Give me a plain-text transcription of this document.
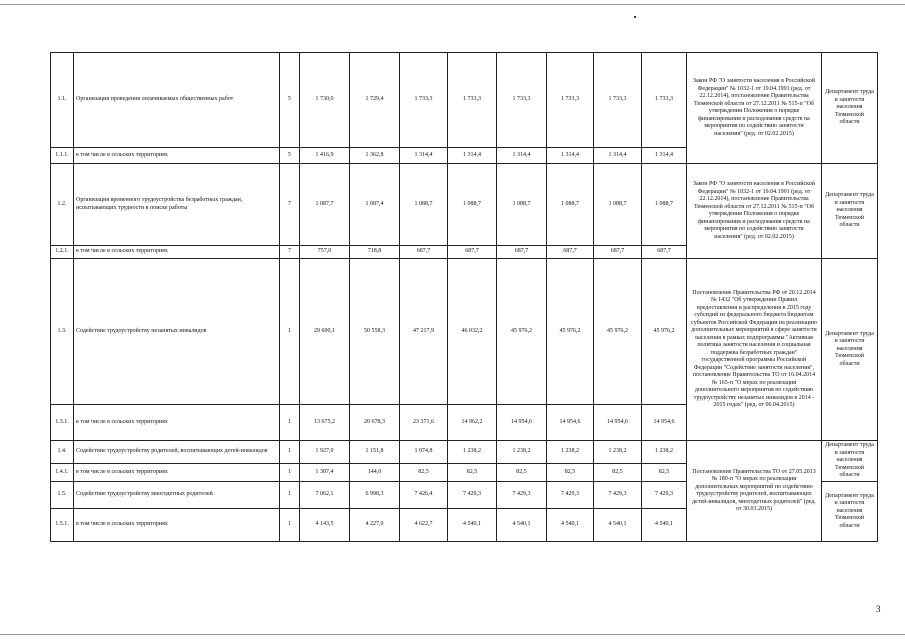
1.1.	Организация проведения оплачиваемых общественных работ	5	1 730,0	1 729,4	1 733,3	1 733,3	1 733,3	1 733,3	1 733,3	1 733,3	Закон РФ "О занятости населения в Российской Федерации" № 1032-1 от 19.04.1991 (ред. от 22.12.2014), постановление Правительства Тюменской области от 27.12.2011 № 515-п "Об утверждении Положения о порядке финансирования и расходования средств на мероприятия по содействию занятости населения" (ред. от 02.02.2015)	Департамент труда и занятости населения Тюменской области
1.1.1.	в том числе в сельских территориях	5	1 416,9	1 362,8	1 314,4	1 314,4	1 314,4	1 314,4	1 314,4	1 314,4		
1.2.	Организация временного трудоустройства безработных граждан, испытывающих трудности в поиске работы	7	1 087,7	1 087,4	1 088,7	1 088,7	1 088,7	1 088,7	1 088,7	1 088,7	Закон РФ "О занятости населения в Российской Федерации" № 1032-1 от 19.04.1991 (ред. от 22.12.2014), постановление Правительства Тюменской области от 27.12.2011 № 515-п "Об утверждении Положения о порядке финансирования и расходования средств на мероприятия по содействию занятости населения" (ред. от 02.02.2015)	Департамент труда и занятости населения Тюменской области
1.2.1.	в том числе в сельских территориях	7	757,0	718,8	687,7	687,7	687,7	687,7	687,7	687,7		
1.3.	Содействие трудоустройству незанятых инвалидов	1	29 600,1	50 558,3	47 217,9	46 032,2	45 976,2	45 976,2	45 976,2	45 976,2	Постановление Правительства РФ от 20.12.2014 № 1432 "Об утверждении Правил предоставления и распределения в 2015 году субсидий из федерального бюджета бюджетам субъектов Российской Федерации на реализацию дополнительных мероприятий в сфере занятости населения в рамках подпрограммы "Активная политика занятости населения и социальная поддержка безработных граждан" государственной программы Российской Федерации "Содействие занятости населения", постановление Правительства ТО от 16.04.2014 № 165-п "О мерах по реализации дополнительного мероприятия по содействию трудоустройству незанятых инвалидов в 2014 - 2015 годах" (ред. от 06.04.2015)	Департамент труда и занятости населения Тюменской области
1.3.1.	в том числе в сельских территориях	1	13 675,2	20 678,3	23 371,6	14 962,2	14 954,6	14 954,6	14 954,6	14 954,6		
1.4.	Содействие трудоустройству родителей, воспитывающих детей-инвалидов	1	1 927,0	1 151,8	1 074,8	1 238,2	1 238,2	1 238,2	1 238,2	1 238,2	Постановление Правительства ТО от 27.05.2013 № 180-п "О мерах по реализации дополнительных мероприятий по содействию трудоустройству родителей, воспитывающих детей-инвалидов, многодетных родителей" (ред. от 30.03.2015)	Департамент труда и занятости населения Тюменской области
1.4.1.	в том числе в сельских территориях	1	1 387,4	144,0	82,5	82,5	82,5	82,5	82,5	82,5		
1.5.	Содействие трудоустройству многодетных родителей	1	7 062,1	6 998,3	7 426,4	7 429,3	7 429,3	7 429,3	7 429,3	7 429,3		Департамент труда и занятости населения Тюменской области
1.5.1.	в том числе в сельских территориях	1	4 143,5	4 227,0	4 622,7	4 540,1	4 540,1	4 540,1	4 540,1	4 540,1		
3
